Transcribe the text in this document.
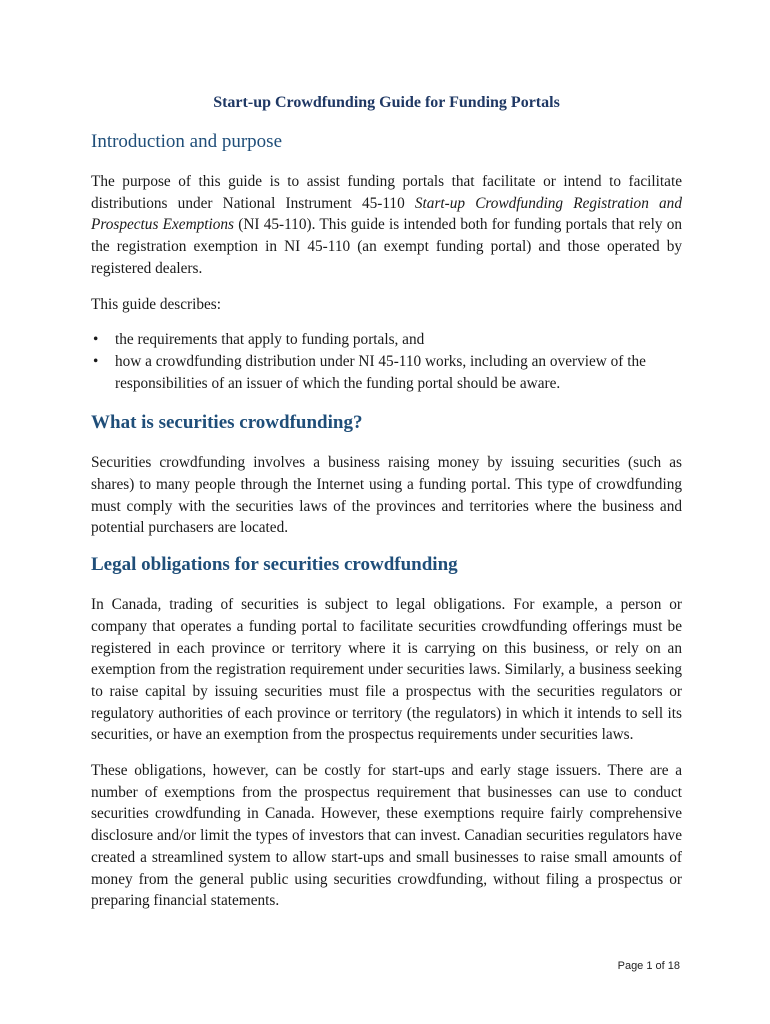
Start-up Crowdfunding Guide for Funding Portals
Introduction and purpose

The purpose of this guide is to assist funding portals that facilitate or intend to facilitate distributions under National Instrument 45-110 Start-up Crowdfunding Registration and Prospectus Exemptions (NI 45-110). This guide is intended both for funding portals that rely on the registration exemption in NI 45-110 (an exempt funding portal) and those operated by registered dealers.

This guide describes:

• the requirements that apply to funding portals, and
• how a crowdfunding distribution under NI 45-110 works, including an overview of the responsibilities of an issuer of which the funding portal should be aware.
What is securities crowdfunding?

Securities crowdfunding involves a business raising money by issuing securities (such as shares) to many people through the Internet using a funding portal. This type of crowdfunding must comply with the securities laws of the provinces and territories where the business and potential purchasers are located.

Legal obligations for securities crowdfunding

In Canada, trading of securities is subject to legal obligations. For example, a person or company that operates a funding portal to facilitate securities crowdfunding offerings must be registered in each province or territory where it is carrying on this business, or rely on an exemption from the registration requirement under securities laws. Similarly, a business seeking to raise capital by issuing securities must file a prospectus with the securities regulators or regulatory authorities of each province or territory (the regulators) in which it intends to sell its securities, or have an exemption from the prospectus requirements under securities laws.

These obligations, however, can be costly for start-ups and early stage issuers. There are a number of exemptions from the prospectus requirement that businesses can use to conduct securities crowdfunding in Canada. However, these exemptions require fairly comprehensive disclosure and/or limit the types of investors that can invest. Canadian securities regulators have created a streamlined system to allow start-ups and small businesses to raise small amounts of money from the general public using securities crowdfunding, without filing a prospectus or preparing financial statements.

Page 1 of 18
